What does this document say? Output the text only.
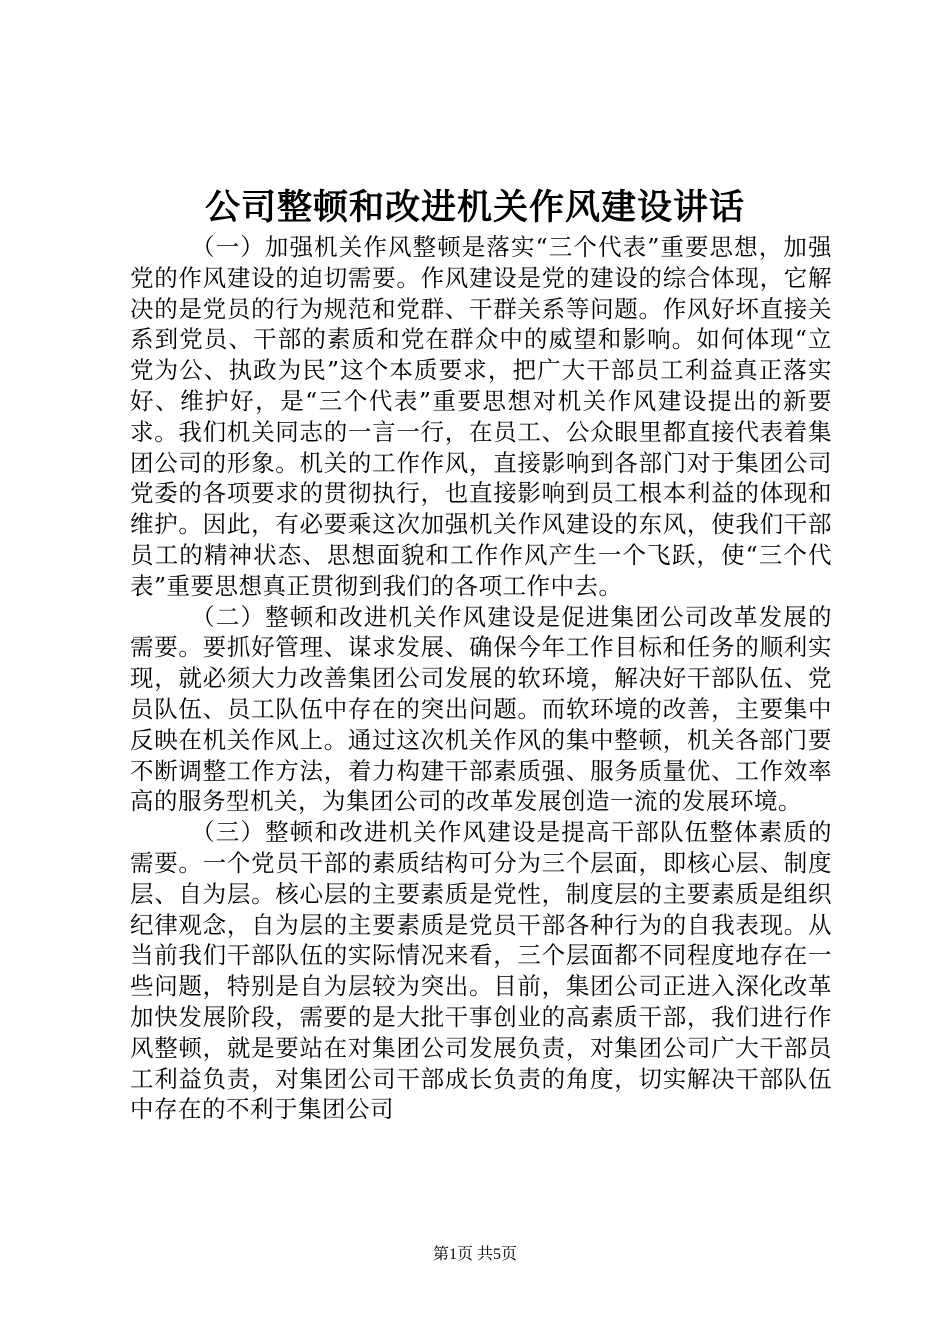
公司整顿和改进机关作风建设讲话

（一）加强机关作风整顿是落实“三个代表”重要思想，加强党的作风建设的迫切需要。作风建设是党的建设的综合体现，它解决的是党员的行为规范和党群、干群关系等问题。作风好坏直接关系到党员、干部的素质和党在群众中的威望和影响。如何体现“立党为公、执政为民”这个本质要求，把广大干部员工利益真正落实好、维护好，是“三个代表”重要思想对机关作风建设提出的新要求。我们机关同志的一言一行，在员工、公众眼里都直接代表着集团公司的形象。机关的工作作风，直接影响到各部门对于集团公司党委的各项要求的贯彻执行，也直接影响到员工根本利益的体现和维护。因此，有必要乘这次加强机关作风建设的东风，使我们干部员工的精神状态、思想面貌和工作作风产生一个飞跃，使“三个代表”重要思想真正贯彻到我们的各项工作中去。

（二）整顿和改进机关作风建设是促进集团公司改革发展的需要。要抓好管理、谋求发展、确保今年工作目标和任务的顺利实现，就必须大力改善集团公司发展的软环境，解决好干部队伍、党员队伍、员工队伍中存在的突出问题。而软环境的改善，主要集中反映在机关作风上。通过这次机关作风的集中整顿，机关各部门要不断调整工作方法，着力构建干部素质强、服务质量优、工作效率高的服务型机关，为集团公司的改革发展创造一流的发展环境。

（三）整顿和改进机关作风建设是提高干部队伍整体素质的需要。一个党员干部的素质结构可分为三个层面，即核心层、制度层、自为层。核心层的主要素质是党性，制度层的主要素质是组织纪律观念，自为层的主要素质是党员干部各种行为的自我表现。从当前我们干部队伍的实际情况来看，三个层面都不同程度地存在一些问题，特别是自为层较为突出。目前，集团公司正进入深化改革加快发展阶段，需要的是大批干事创业的高素质干部，我们进行作风整顿，就是要站在对集团公司发展负责，对集团公司广大干部员工利益负责，对集团公司干部成长负责的角度，切实解决干部队伍中存在的不利于集团公司

第1页 共5页
